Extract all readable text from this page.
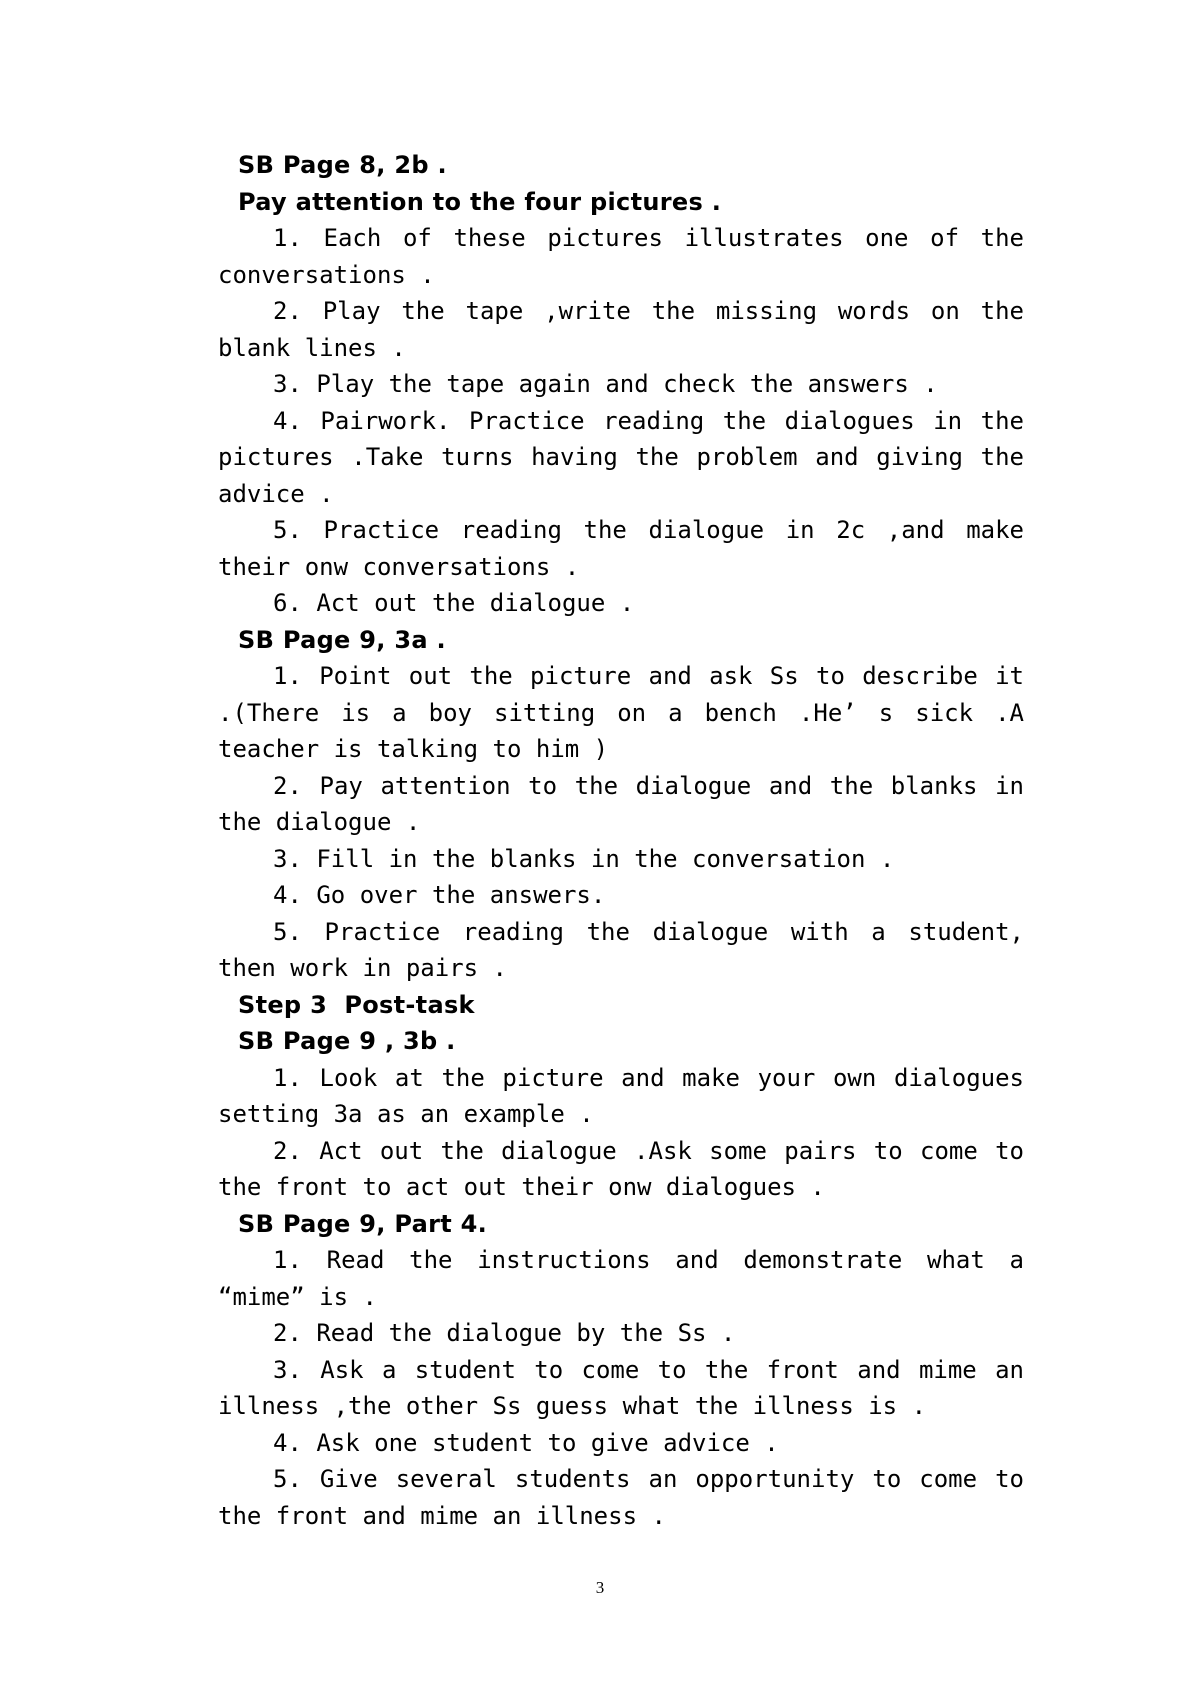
SB Page 8, 2b .

Pay attention to the four pictures .

1. Each of these pictures illustrates one of the conversations .

2. Play the tape ,write the missing words on the blank lines .

3. Play the tape again and check the answers .

4. Pairwork. Practice reading the dialogues in the pictures .Take turns having the problem and giving the advice .

5. Practice reading the dialogue in 2c ,and make their onw conversations .

6. Act out the dialogue .

SB Page 9, 3a .

1. Point out the picture and ask Ss to describe it .(There is a boy sitting on a bench .He’ s sick .A teacher is talking to him )

2. Pay attention to the dialogue and the blanks in the dialogue .

3. Fill in the blanks in the conversation .

4. Go over the answers.

5. Practice reading the dialogue with a student, then work in pairs .

Step 3  Post-task

SB Page 9 , 3b .

1. Look at the picture and make your own dialogues setting 3a as an example .

2. Act out the dialogue .Ask some pairs to come to the front to act out their onw dialogues .

SB Page 9, Part 4.

1. Read the instructions and demonstrate what a “mime” is .

2. Read the dialogue by the Ss .

3. Ask a student to come to the front and mime an illness ,the other Ss guess what the illness is .

4. Ask one student to give advice .

5. Give several students an opportunity to come to the front and mime an illness .

3
